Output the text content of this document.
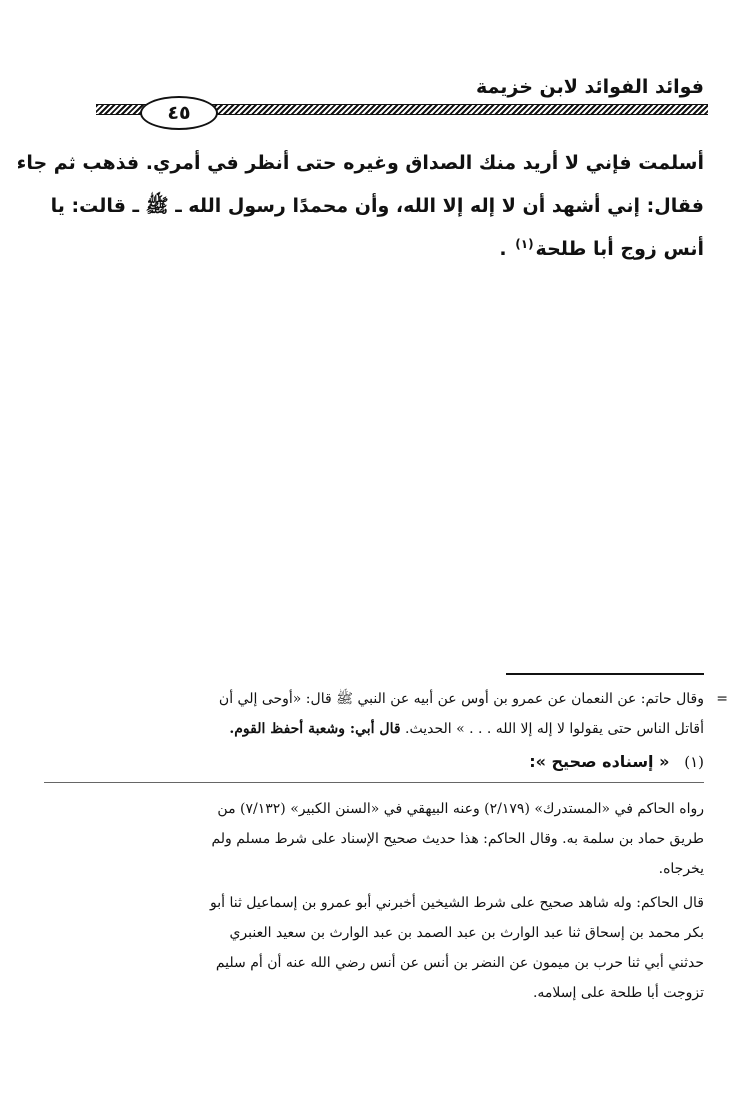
فوائد الفوائد لابن خزيمة
٤٥
أسلمت فإني لا أريد منك الصداق وغيره حتى أنظر في أمري. فذهب ثم جاء
فقال: إني أشهد أن لا إله إلا الله، وأن محمدًا رسول الله ـ ﷺ ـ قالت: يا
أنس زوج أبا طلحة$^{(١)}$ .
=
وقال حاتم: عن النعمان عن عمرو بن أوس عن أبيه عن النبي ﷺ قال: «أوحى إلي أن
أقاتل الناس حتى يقولوا لا إله إلا الله . . . » الحديث. قال أبي: وشعبة أحفظ القوم.
(١) « إسناده صحيح »:
رواه الحاكم في «المستدرك» (٢/١٧٩) وعنه البيهقي في «السنن الكبير» (٧/١٣٢) من
طريق حماد بن سلمة به. وقال الحاكم: هذا حديث صحيح الإسناد على شرط مسلم ولم
يخرجاه.
قال الحاكم: وله شاهد صحيح على شرط الشيخين أخبرني أبو عمرو بن إسماعيل ثنا أبو
بكر محمد بن إسحاق ثنا عبد الوارث بن عبد الصمد بن عبد الوارث بن سعيد العنبري
حدثني أبي ثنا حرب بن ميمون عن النضر بن أنس عن أنس رضي الله عنه أن أم سليم
تزوجت أبا طلحة على إسلامه.
